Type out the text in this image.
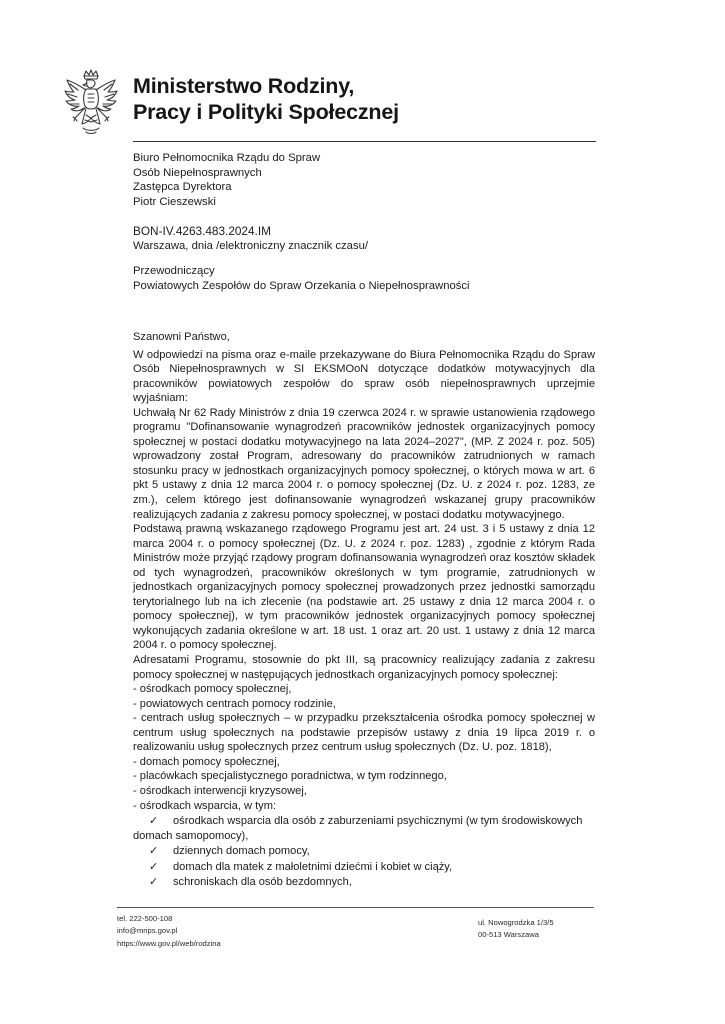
Ministerstwo Rodziny,
Pracy i Polityki Społecznej
Biuro Pełnomocnika Rządu do Spraw
Osób Niepełnosprawnych
Zastępca Dyrektora
Piotr Cieszewski
BON-IV.4263.483.2024.IM
Warszawa, dnia /elektroniczny znacznik czasu/
Przewodniczący
Powiatowych Zespołów do Spraw Orzekania o Niepełnosprawności
Szanowni Państwo,
W odpowiedzi na pisma oraz e-maile przekazywane do Biura Pełnomocnika Rządu do Spraw Osób Niepełnosprawnych w SI EKSMOoN dotyczące dodatków motywacyjnych dla pracowników powiatowych zespołów do spraw osób niepełnosprawnych uprzejmie wyjaśniam:
Uchwałą Nr 62 Rady Ministrów z dnia 19 czerwca 2024 r. w sprawie ustanowienia rządowego programu "Dofinansowanie wynagrodzeń pracowników jednostek organizacyjnych pomocy społecznej w postaci dodatku motywacyjnego na lata 2024–2027", (MP. Z 2024 r. poz. 505) wprowadzony został Program, adresowany do pracowników zatrudnionych w ramach stosunku pracy w jednostkach organizacyjnych pomocy społecznej, o których mowa w art. 6 pkt 5 ustawy z dnia 12 marca 2004 r. o pomocy społecznej (Dz. U. z 2024 r. poz. 1283, ze zm.), celem którego jest dofinansowanie wynagrodzeń wskazanej grupy pracowników realizujących zadania z zakresu pomocy społecznej, w postaci dodatku motywacyjnego.
Podstawą prawną wskazanego rządowego Programu jest art. 24 ust. 3 i 5 ustawy z dnia 12 marca 2004 r. o pomocy społecznej (Dz. U. z 2024 r. poz. 1283) , zgodnie z którym Rada Ministrów może przyjąć rządowy program dofinansowania wynagrodzeń oraz kosztów składek od tych wynagrodzeń, pracowników określonych w tym programie, zatrudnionych w jednostkach organizacyjnych pomocy społecznej prowadzonych przez jednostki samorządu terytorialnego lub na ich zlecenie (na podstawie art. 25 ustawy z dnia 12 marca 2004 r. o pomocy społecznej), w tym pracowników jednostek organizacyjnych pomocy społecznej wykonujących zadania określone w art. 18 ust. 1 oraz art. 20 ust. 1 ustawy z dnia 12 marca 2004 r. o pomocy społecznej.
Adresatami Programu, stosownie do pkt III, są pracownicy realizujący zadania z zakresu pomocy społecznej w następujących jednostkach organizacyjnych pomocy społecznej:
- ośrodkach pomocy społecznej,
- powiatowych centrach pomocy rodzinie,
- centrach usług społecznych – w przypadku przekształcenia ośrodka pomocy społecznej w centrum usług społecznych na podstawie przepisów ustawy z dnia 19 lipca 2019 r. o realizowaniu usług społecznych przez centrum usług społecznych (Dz. U. poz. 1818),
- domach pomocy społecznej,
- placówkach specjalistycznego poradnictwa, w tym rodzinnego,
- ośrodkach interwencji kryzysowej,
- ośrodkach wsparcia, w tym:
✓ ośrodkach wsparcia dla osób z zaburzeniami psychicznymi (w tym środowiskowych domach samopomocy),
✓ dziennych domach pomocy,
✓ domach dla matek z małoletnimi dziećmi i kobiet w ciąży,
✓ schroniskach dla osób bezdomnych,
tel. 222-500-108
info@mrips.gov.pl
https://www.gov.pl/web/rodzina
ul. Nowogrodzka 1/3/5
00-513 Warszawa
